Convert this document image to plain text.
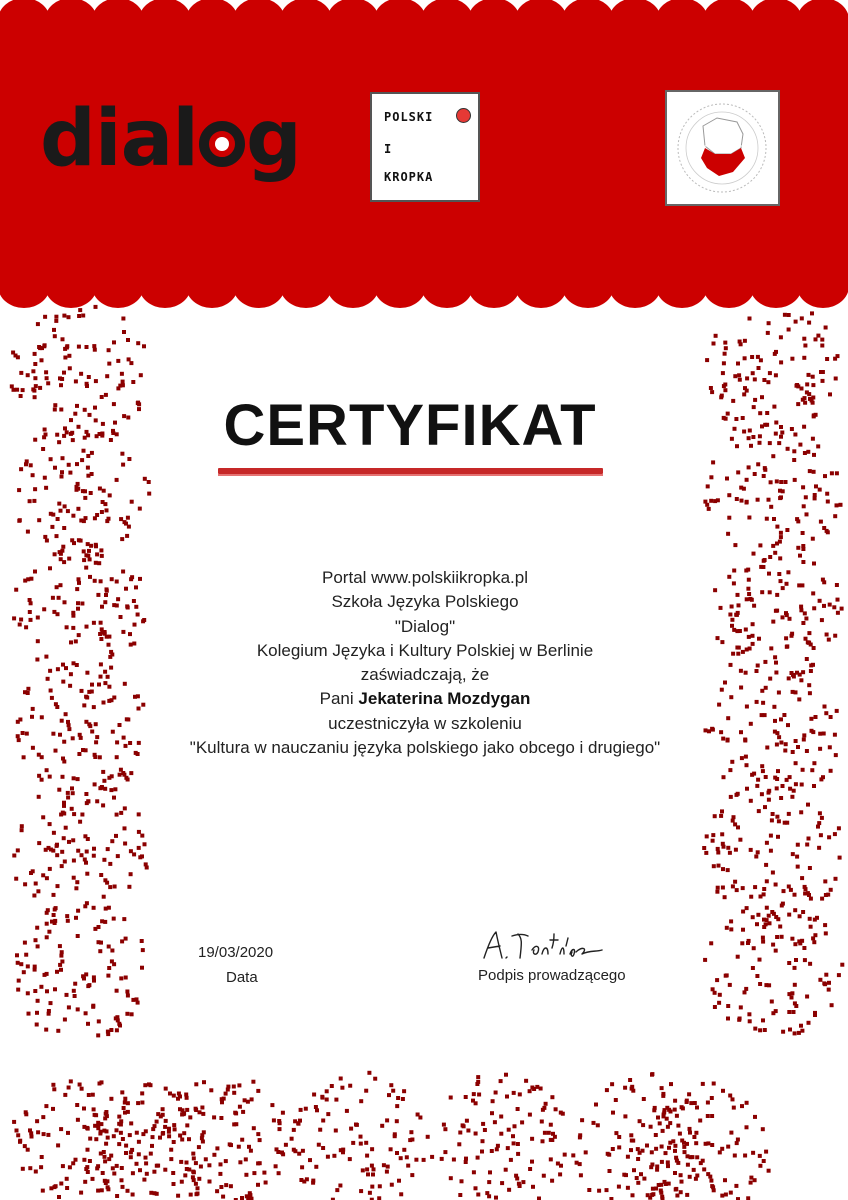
dial g	POLSKI
I
KROPKA
CERTYFIKAT
Portal www.polskiikropka.pl
Szkoła Języka Polskiego
"Dialog"
Kolegium Języka i Kultury Polskiej w Berlinie
zaświadczają, że
Pani Jekaterina Mozdygan
uczestniczyła w szkoleniu
"Kultura w nauczaniu języka polskiego jako obcego i drugiego"
19/03/2020
Data	Podpis prowadzącego
